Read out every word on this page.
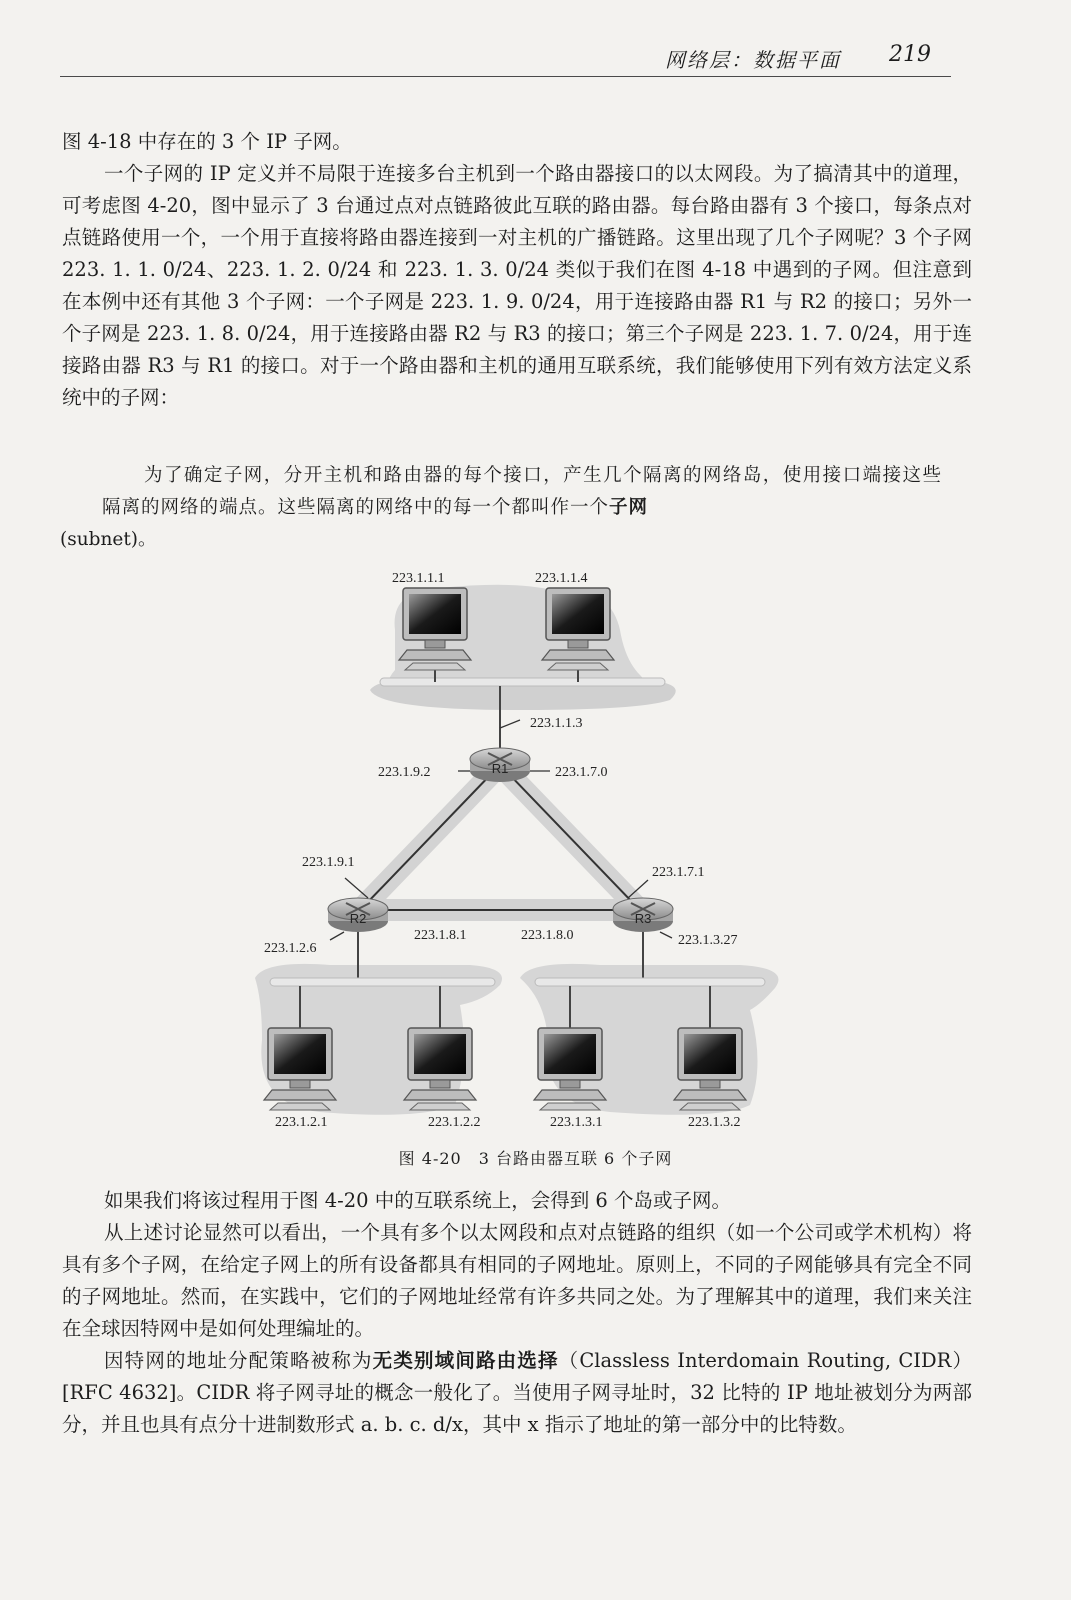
网络层：数据平面 219

图 4-18 中存在的 3 个 IP 子网。

一个子网的 IP 定义并不局限于连接多台主机到一个路由器接口的以太网段。为了搞清其中的道理，可考虑图 4-20，图中显示了 3 台通过点对点链路彼此互联的路由器。每台路由器有 3 个接口，每条点对点链路使用一个，一个用于直接将路由器连接到一对主机的广播链路。这里出现了几个子网呢？3 个子网 223. 1. 1. 0/24、223. 1. 2. 0/24 和 223. 1. 3. 0/24 类似于我们在图 4-18 中遇到的子网。但注意到在本例中还有其他 3 个子网：一个子网是 223. 1. 9. 0/24，用于连接路由器 R1 与 R2 的接口；另外一个子网是 223. 1. 8. 0/24，用于连接路由器 R2 与 R3 的接口；第三个子网是 223. 1. 7. 0/24，用于连接路由器 R3 与 R1 的接口。对于一个路由器和主机的通用互联系统，我们能够使用下列有效方法定义系统中的子网：

为了确定子网，分开主机和路由器的每个接口，产生几个隔离的网络岛，使用接口端接这些隔离的网络的端点。这些隔离的网络中的每一个都叫作一个子网
(subnet)。

R1
R2	R3
223.1.1.1	223.1.1.4
223.1.1.3
223.1.9.2	223.1.7.0
223.1.9.1
223.1.7.1
223.1.8.1	223.1.8.0
223.1.2.6
223.1.3.27
223.1.2.1	223.1.2.2	223.1.3.1	223.1.3.2
图 4-20　3 台路由器互联 6 个子网

如果我们将该过程用于图 4-20 中的互联系统上，会得到 6 个岛或子网。

从上述讨论显然可以看出，一个具有多个以太网段和点对点链路的组织（如一个公司或学术机构）将具有多个子网，在给定子网上的所有设备都具有相同的子网地址。原则上，不同的子网能够具有完全不同的子网地址。然而，在实践中，它们的子网地址经常有许多共同之处。为了理解其中的道理，我们来关注在全球因特网中是如何处理编址的。

因特网的地址分配策略被称为无类别域间路由选择（Classless Interdomain Routing, CIDR）[RFC 4632]。CIDR 将子网寻址的概念一般化了。当使用子网寻址时，32 比特的 IP 地址被划分为两部分，并且也具有点分十进制数形式 a. b. c. d/x，其中 x 指示了地址的第一部分中的比特数。
